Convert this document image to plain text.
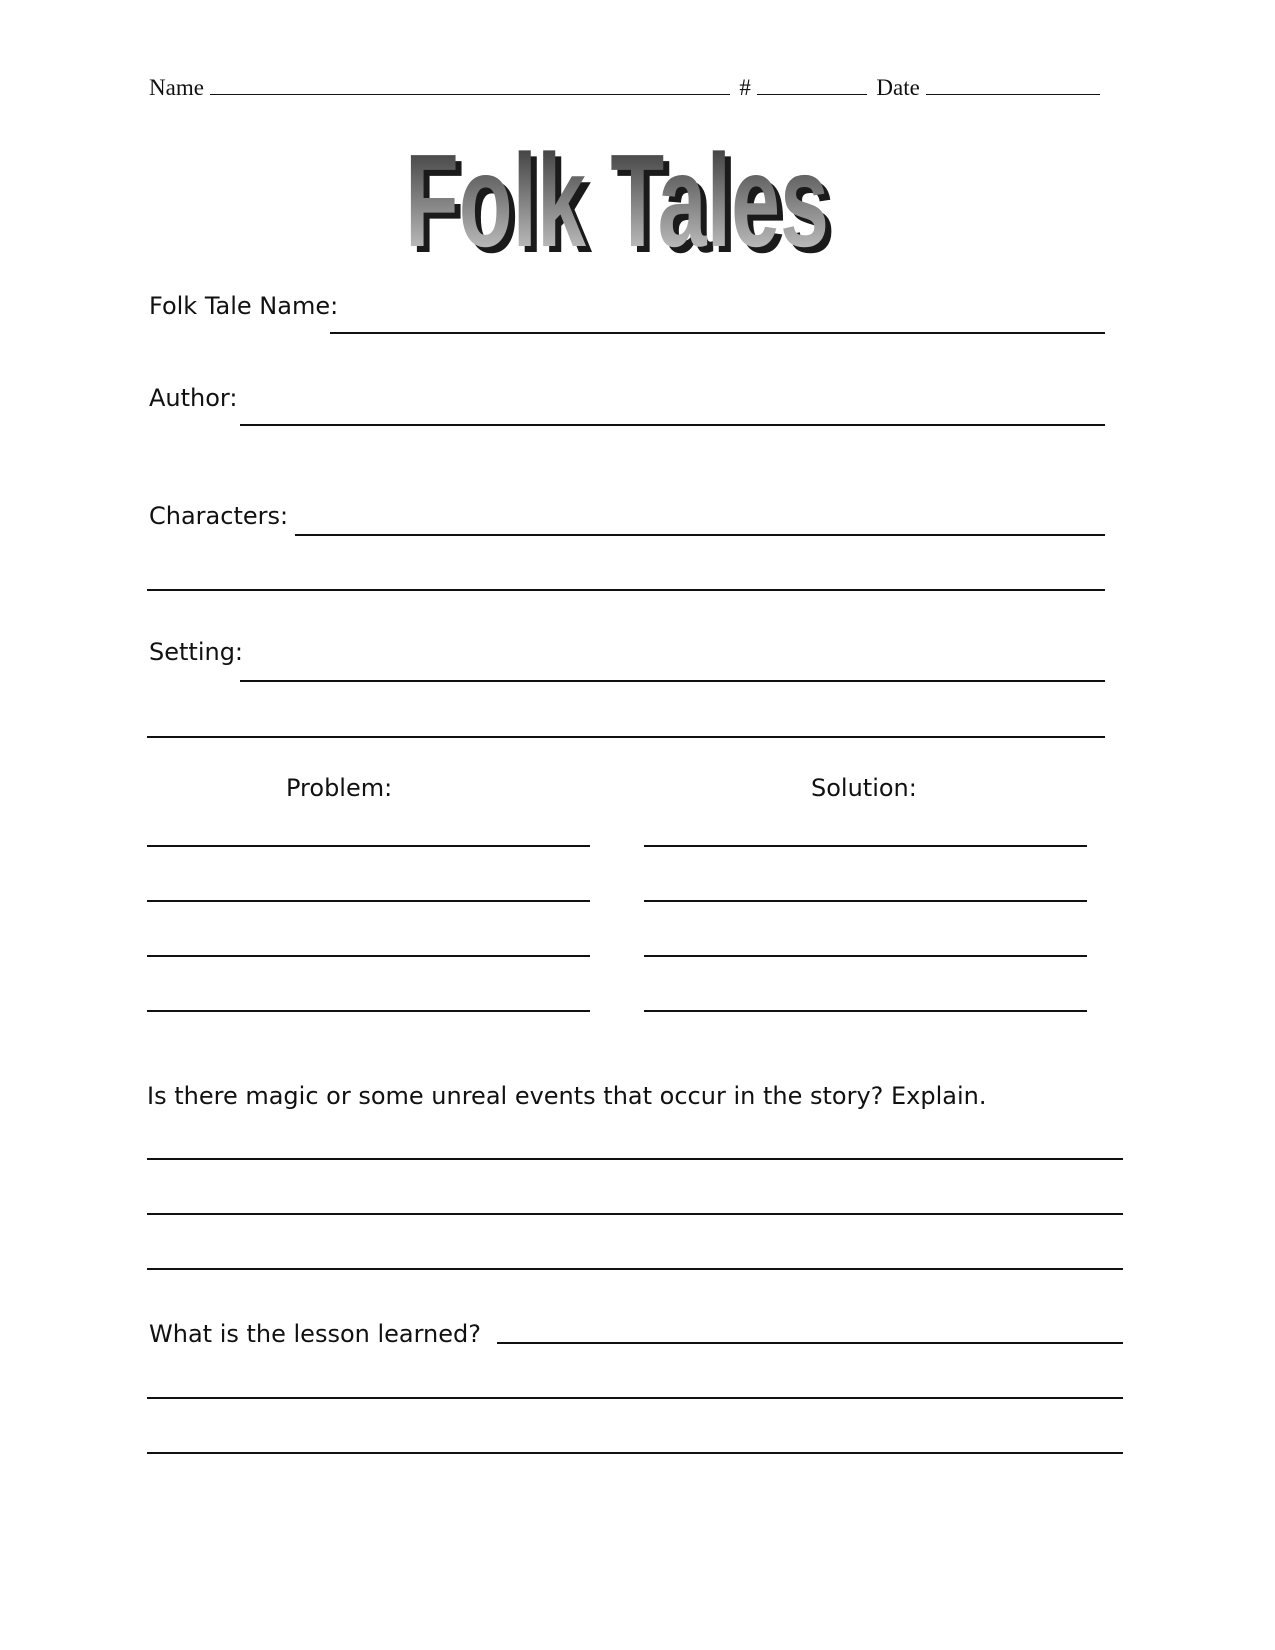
Name	#	Date
Folk Tales
Folk Tales
Folk Tale Name:
Author:
Characters:
Setting:
Problem:	Solution:
Is there magic or some unreal events that occur in the story? Explain.
What is the lesson learned?
